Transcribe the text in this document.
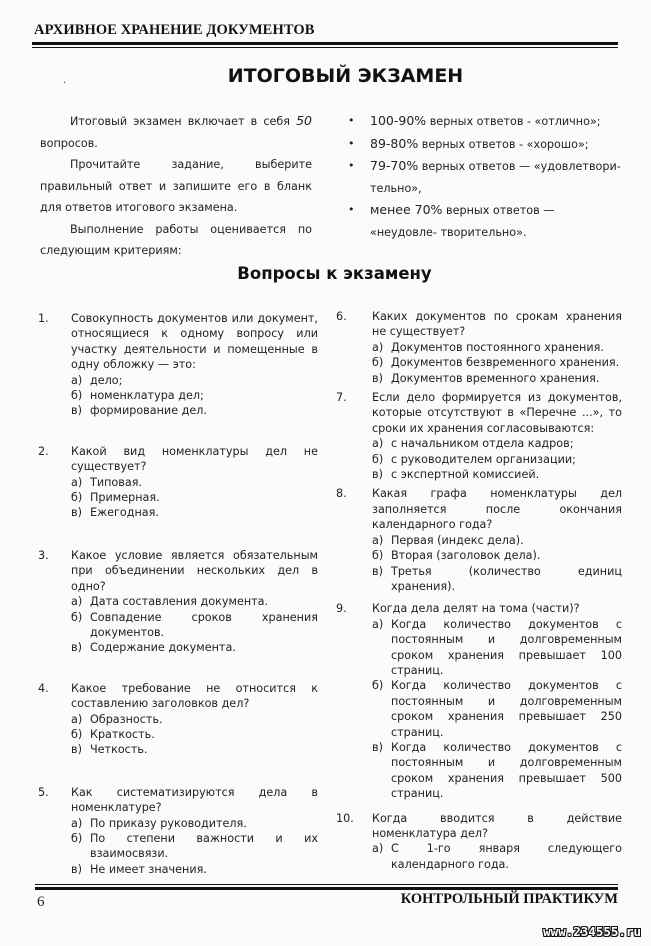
АРХИВНОЕ ХРАНЕНИЕ ДОКУМЕНТОВ
·	ИТОГОВЫЙ ЭКЗАМЕН

Итоговый экзамен включает в себя 50 вопросов.

Прочитайте задание, выберите правильный ответ и запишите его в бланк для ответов итогового экзамена.

Выполнение работы оценивается по следующим критериям:

• 100-90% верных ответов - «отлично»;
• 89-80% верных ответов - «хорошо»;
• 79-70% верных ответов — «удовлетвори- тельно»,
• менее 70% верных ответов — «неудовле- творительно».
Вопросы к экзамену
1. Совокупность документов или документ, относящиеся к одному вопросу или участку деятельности и помещенные в одну обложку — это:
а) дело;
б) номенклатура дел;
в) формирование дел.
2. Какой вид номенклатуры дел не существует?
а) Типовая.
б) Примерная.
в) Ежегодная.
3. Какое условие является обязательным при объединении нескольких дел в одно?
а) Дата составления документа.
б) Совпадение сроков хранения документов.
в) Содержание документа.
4. Какое требование не относится к составлению заголовков дел?
а) Образность.
б) Краткость.
в) Четкость.
5. Как систематизируются дела в номенклатуре?
а) По приказу руководителя.
б) По степени важности и их взаимосвязи.
в) Не имеет значения.
6. Каких документов по срокам хранения не существует?
а) Документов постоянного хранения.
б) Документов безвременного хранения.
в) Документов временного хранения.
7. Если дело формируется из документов, которые отсутствуют в «Перечне ...», то сроки их хранения согласовываются:
а) с начальником отдела кадров;
б) с руководителем организации;
в) с экспертной комиссией.
8. Какая графа номенклатуры дел заполняется после окончания календарного года?
а) Первая (индекс дела).
б) Вторая (заголовок дела).
в) Третья (количество единиц хранения).
9. Когда дела делят на тома (части)?
а) Когда количество документов с постоянным и долговременным сроком хранения превышает 100 страниц.
б) Когда количество документов с постоянным и долговременным сроком хранения превышает 250 страниц.
в) Когда количество документов с постоянным и долговременным сроком хранения превышает 500 страниц.
10. Когда вводится в действие номенклатура дел?
а) С 1-го января следующего календарного года.
6	КОНТРОЛЬНЫЙ ПРАКТИКУМ
www.234555.ru
